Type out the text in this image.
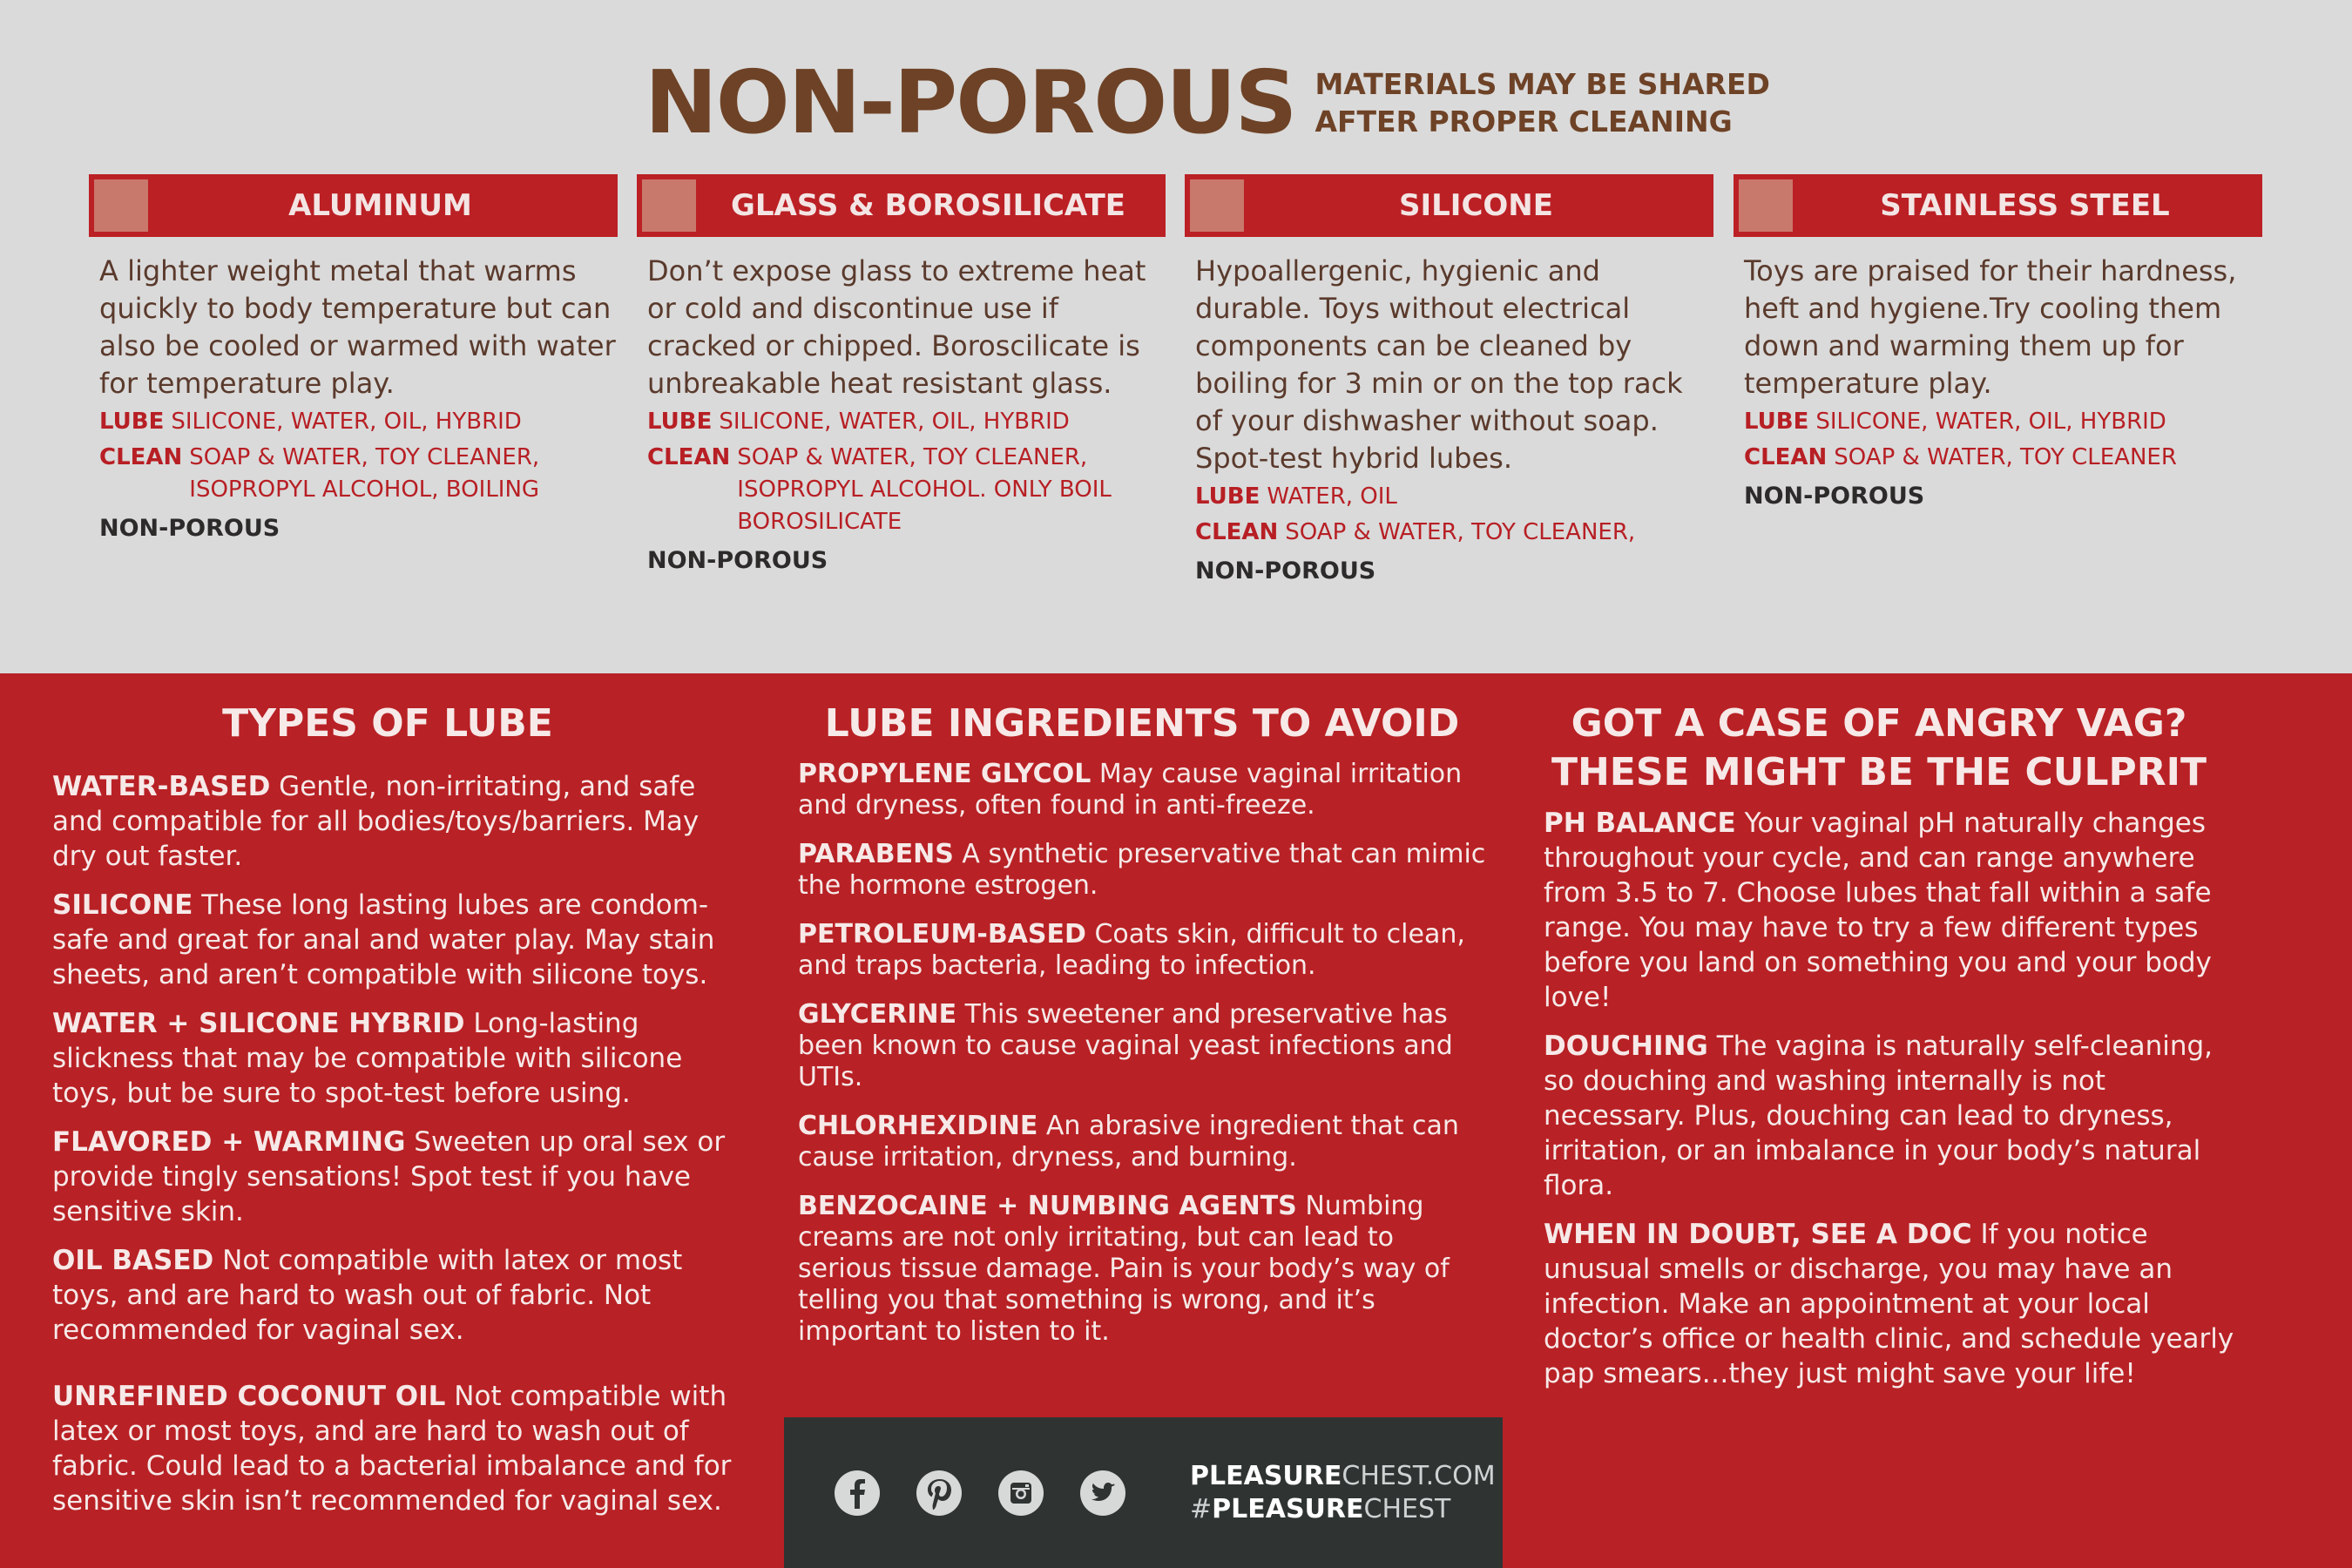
NON-POROUS MATERIALS MAY BE SHARED
AFTER PROPER CLEANING
ALUMINUM
A lighter weight metal that warms quickly to body temperature but can also be cooled or warmed with water for temperature play.
LUBE SILICONE, WATER, OIL, HYBRID
CLEAN SOAP & WATER, TOY CLEANER, ISOPROPYL ALCOHOL, BOILING
NON-POROUS
GLASS & BOROSILICATE
Don’t expose glass to extreme heat or cold and discontinue use if cracked or chipped. Boroscilicate is unbreakable heat resistant glass.
LUBE SILICONE, WATER, OIL, HYBRID
CLEAN SOAP & WATER, TOY CLEANER, ISOPROPYL ALCOHOL. ONLY BOIL BOROSILICATE
NON-POROUS
SILICONE
Hypoallergenic, hygienic and durable. Toys without electrical components can be cleaned by boiling for 3 min or on the top rack of your dishwasher without soap. Spot-test hybrid lubes.
LUBE WATER, OIL
CLEAN SOAP & WATER, TOY CLEANER,
NON-POROUS
STAINLESS STEEL
Toys are praised for their hardness, heft and hygiene.Try cooling them down and warming them up for temperature play.
LUBE SILICONE, WATER, OIL, HYBRID
CLEAN SOAP & WATER, TOY CLEANER
NON-POROUS
TYPES OF LUBE
WATER-BASED Gentle, non-irritating, and safe and compatible for all bodies/toys/barriers. May dry out faster.
SILICONE These long lasting lubes are condom-safe and great for anal and water play. May stain sheets, and aren’t compatible with silicone toys.
WATER + SILICONE HYBRID Long-lasting slickness that may be compatible with silicone toys, but be sure to spot-test before using.
FLAVORED + WARMING Sweeten up oral sex or provide tingly sensations! Spot test if you have sensitive skin.
OIL BASED Not compatible with latex or most toys, and are hard to wash out of fabric. Not recommended for vaginal sex.
UNREFINED COCONUT OIL Not compatible with latex or most toys, and are hard to wash out of fabric. Could lead to a bacterial imbalance and for sensitive skin isn’t recommended for vaginal sex.
LUBE INGREDIENTS TO AVOID
PROPYLENE GLYCOL May cause vaginal irritation and dryness, often found in anti-freeze.
PARABENS A synthetic preservative that can mimic the hormone estrogen.
PETROLEUM-BASED Coats skin, difficult to clean, and traps bacteria, leading to infection.
GLYCERINE This sweetener and preservative has been known to cause vaginal yeast infections and UTIs.
CHLORHEXIDINE An abrasive ingredient that can cause irritation, dryness, and burning.
BENZOCAINE + NUMBING AGENTS Numbing creams are not only irritating, but can lead to serious tissue damage. Pain is your body’s way of telling you that something is wrong, and it’s important to listen to it.
GOT A CASE OF ANGRY VAG?
THESE MIGHT BE THE CULPRIT
PH BALANCE Your vaginal pH naturally changes throughout your cycle, and can range anywhere from 3.5 to 7. Choose lubes that fall within a safe range. You may have to try a few different types before you land on something you and your body love!
DOUCHING The vagina is naturally self-cleaning, so douching and washing internally is not necessary. Plus, douching can lead to dryness, irritation, or an imbalance in your body’s natural flora.
WHEN IN DOUBT, SEE A DOC If you notice unusual smells or discharge, you may have an infection. Make an appointment at your local doctor’s office or health clinic, and schedule yearly pap smears…they just might save your life!
PLEASURECHEST.COM
#PLEASURECHEST
